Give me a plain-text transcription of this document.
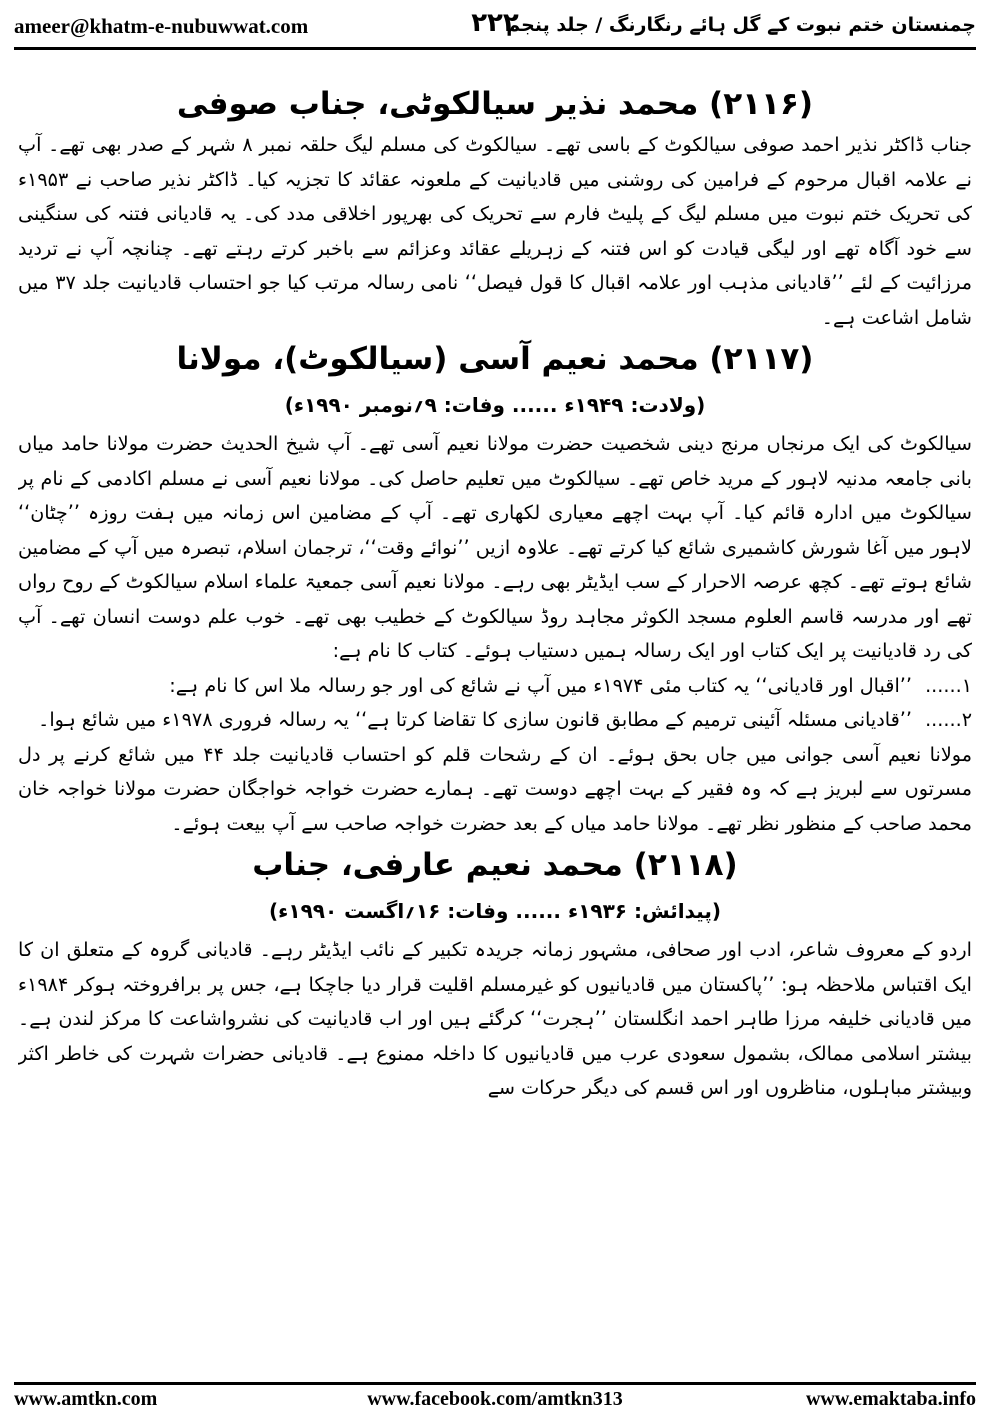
ameer@khatm-e-nubuwwat.com	۲۲۲
چمنستان ختم نبوت کے گل ہائے رنگارنگ / جلد پنجم
(۲۱۱۶) محمد نذیر سیالکوٹی، جناب صوفی

جناب ڈاکٹر نذیر احمد صوفی سیالکوٹ کے باسی تھے۔ سیالکوٹ کی مسلم لیگ حلقہ نمبر ۸ شہر کے صدر بھی تھے۔ آپ نے علامہ اقبال مرحوم کے فرامین کی روشنی میں قادیانیت کے ملعونہ عقائد کا تجزیہ کیا۔ ڈاکٹر نذیر صاحب نے ۱۹۵۳ء کی تحریک ختم نبوت میں مسلم لیگ کے پلیٹ فارم سے تحریک کی بھرپور اخلاقی مدد کی۔ یہ قادیانی فتنہ کی سنگینی سے خود آگاہ تھے اور لیگی قیادت کو اس فتنہ کے زہریلے عقائد وعزائم سے باخبر کرتے رہتے تھے۔ چنانچہ آپ نے تردید مرزائیت کے لئے ’’قادیانی مذہب اور علامہ اقبال کا قول فیصل‘‘ نامی رسالہ مرتب کیا جو احتساب قادیانیت جلد ۳۷ میں شامل اشاعت ہے۔

(۲۱۱۷) محمد نعیم آسی (سیالکوٹ)، مولانا

(ولادت: ۱۹۴۹ء ...... وفات: ۹؍نومبر ۱۹۹۰ء)

سیالکوٹ کی ایک مرنجاں مرنج دینی شخصیت حضرت مولانا نعیم آسی تھے۔ آپ شیخ الحدیث حضرت مولانا حامد میاں بانی جامعہ مدنیہ لاہور کے مرید خاص تھے۔ سیالکوٹ میں تعلیم حاصل کی۔ مولانا نعیم آسی نے مسلم اکادمی کے نام پر سیالکوٹ میں ادارہ قائم کیا۔ آپ بہت اچھے معیاری لکھاری تھے۔ آپ کے مضامین اس زمانہ میں ہفت روزہ ’’چٹان‘‘ لاہور میں آغا شورش کاشمیری شائع کیا کرتے تھے۔ علاوہ ازیں ’’نوائے وقت‘‘، ترجمان اسلام، تبصرہ میں آپ کے مضامین شائع ہوتے تھے۔ کچھ عرصہ الاحرار کے سب ایڈیٹر بھی رہے۔ مولانا نعیم آسی جمعیۃ علماء اسلام سیالکوٹ کے روح رواں تھے اور مدرسہ قاسم العلوم مسجد الکوثر مجاہد روڈ سیالکوٹ کے خطیب بھی تھے۔ خوب علم دوست انسان تھے۔ آپ کی رد قادیانیت پر ایک کتاب اور ایک رسالہ ہمیں دستیاب ہوئے۔ کتاب کا نام ہے:

۱......’’اقبال اور قادیانی‘‘ یہ کتاب مئی ۱۹۷۴ء میں آپ نے شائع کی اور جو رسالہ ملا اس کا نام ہے:

۲......’’قادیانی مسئلہ آئینی ترمیم کے مطابق قانون سازی کا تقاضا کرتا ہے‘‘ یہ رسالہ فروری ۱۹۷۸ء میں شائع ہوا۔

مولانا نعیم آسی جوانی میں جاں بحق ہوئے۔ ان کے رشحات قلم کو احتساب قادیانیت جلد ۴۴ میں شائع کرنے پر دل مسرتوں سے لبریز ہے کہ وہ فقیر کے بہت اچھے دوست تھے۔ ہمارے حضرت خواجہ خواجگان حضرت مولانا خواجہ خان محمد صاحب کے منظور نظر تھے۔ مولانا حامد میاں کے بعد حضرت خواجہ صاحب سے آپ بیعت ہوئے۔

(۲۱۱۸) محمد نعیم عارفی، جناب

(پیدائش: ۱۹۳۶ء ...... وفات: ۱۶؍اگست ۱۹۹۰ء)

اردو کے معروف شاعر، ادب اور صحافی، مشہور زمانہ جریدہ تکبیر کے نائب ایڈیٹر رہے۔ قادیانی گروہ کے متعلق ان کا ایک اقتباس ملاحظہ ہو: ’’پاکستان میں قادیانیوں کو غیرمسلم اقلیت قرار دیا جاچکا ہے، جس پر برافروختہ ہوکر ۱۹۸۴ء میں قادیانی خلیفہ مرزا طاہر احمد انگلستان ’’ہجرت‘‘ کرگئے ہیں اور اب قادیانیت کی نشرواشاعت کا مرکز لندن ہے۔ بیشتر اسلامی ممالک، بشمول سعودی عرب میں قادیانیوں کا داخلہ ممنوع ہے۔ قادیانی حضرات شہرت کی خاطر اکثر وبیشتر مباہلوں، مناظروں اور اس قسم کی دیگر حرکات سے

www.amtkn.com	www.facebook.com/amtkn313	www.emaktaba.info
